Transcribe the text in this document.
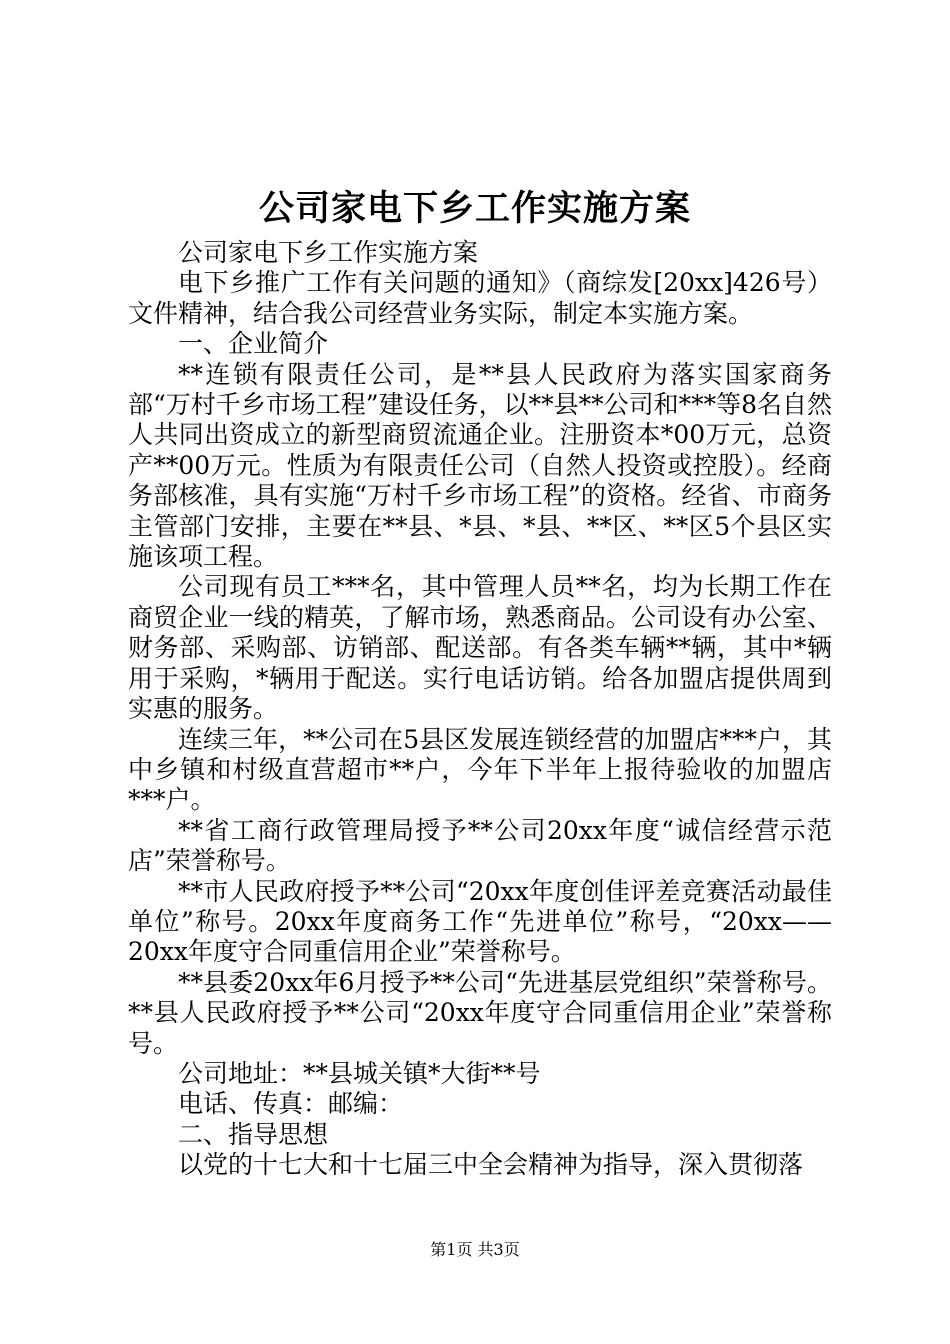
公司家电下乡工作实施方案

公司家电下乡工作实施方案

电下乡推广工作有关问题的通知》（商综发[20xx]426号）文件精神，结合我公司经营业务实际，制定本实施方案。

一、企业简介

**连锁有限责任公司，是**县人民政府为落实国家商务部“万村千乡市场工程”建设任务，以**县**公司和***等8名自然人共同出资成立的新型商贸流通企业。注册资本*00万元，总资产**00万元。性质为有限责任公司（自然人投资或控股）。经商务部核准，具有实施“万村千乡市场工程”的资格。经省、市商务主管部门安排，主要在**县、*县、*县、**区、**区5个县区实施该项工程。

公司现有员工***名，其中管理人员**名，均为长期工作在商贸企业一线的精英，了解市场，熟悉商品。公司设有办公室、财务部、采购部、访销部、配送部。有各类车辆**辆，其中*辆用于采购，*辆用于配送。实行电话访销。给各加盟店提供周到实惠的服务。

连续三年，**公司在5县区发展连锁经营的加盟店***户，其中乡镇和村级直营超市**户，今年下半年上报待验收的加盟店***户。

**省工商行政管理局授予**公司20xx年度“诚信经营示范店”荣誉称号。

**市人民政府授予**公司“20xx年度创佳评差竞赛活动最佳单位”称号。20xx年度商务工作“先进单位”称号，“20xx——20xx年度守合同重信用企业”荣誉称号。

**县委20xx年6月授予**公司“先进基层党组织”荣誉称号。**县人民政府授予**公司“20xx年度守合同重信用企业”荣誉称号。

公司地址：**县城关镇*大街**号

电话、传真：邮编：

二、指导思想

以党的十七大和十七届三中全会精神为指导，深入贯彻落

第1页 共3页
